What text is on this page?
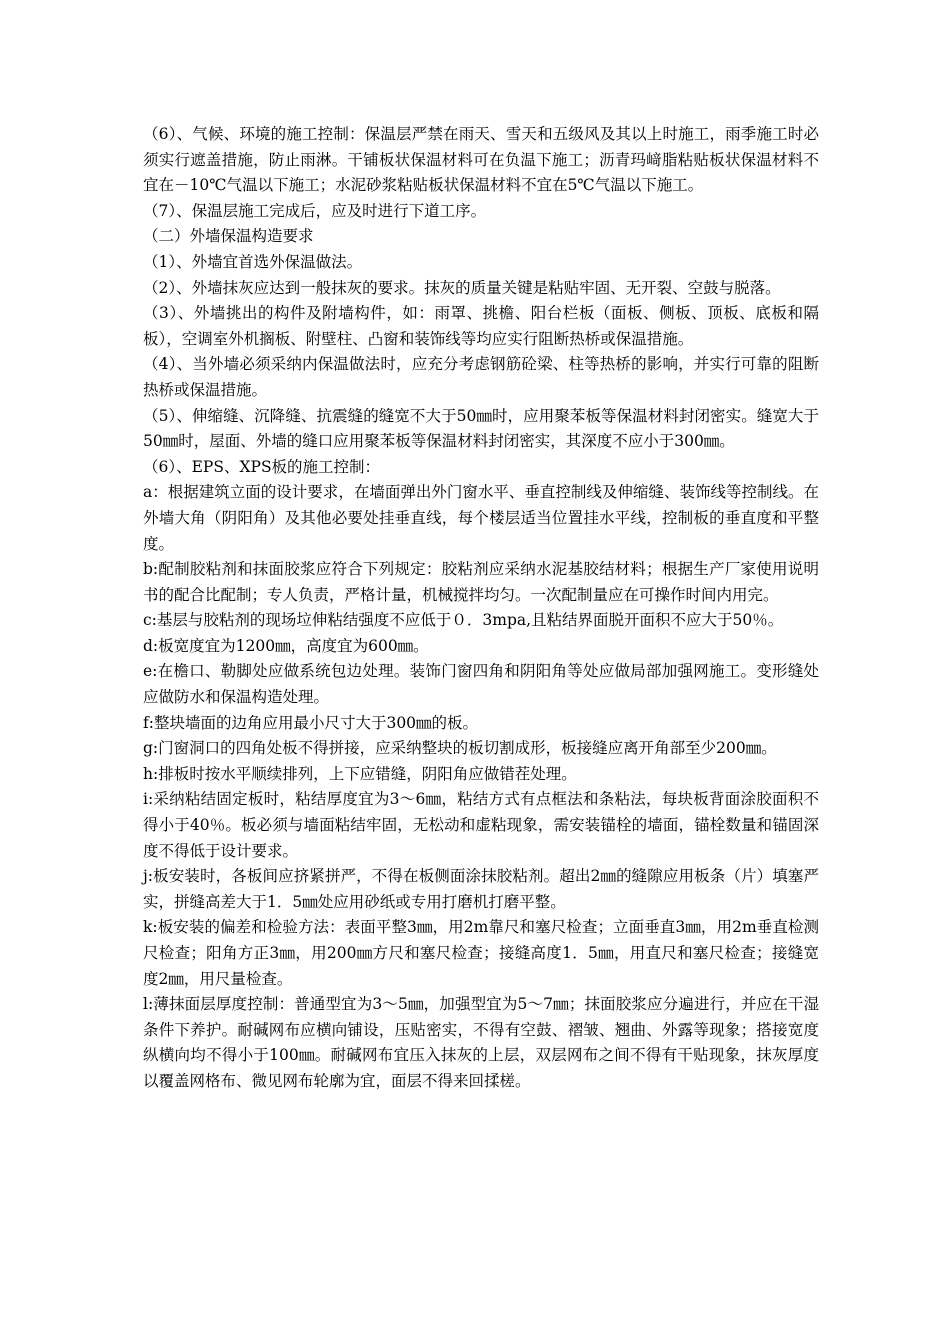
（6）、气候、环境的施工控制：保温层严禁在雨天、雪天和五级风及其以上时施工，雨季施工时必须实行遮盖措施，防止雨淋。干铺板状保温材料可在负温下施工；沥青玛﨑脂粘贴板状保温材料不宜在－10℃气温以下施工；水泥砂浆粘贴板状保温材料不宜在5℃气温以下施工。

（7）、保温层施工完成后，应及时进行下道工序。

（二）外墙保温构造要求

（1）、外墙宜首选外保温做法。

（2）、外墙抹灰应达到一般抹灰的要求。抹灰的质量关键是粘贴牢固、无开裂、空鼓与脱落。

（3）、外墙挑出的构件及附墙构件，如：雨罩、挑檐、阳台栏板（面板、侧板、顶板、底板和隔板），空调室外机搁板、附壁柱、凸窗和装饰线等均应实行阻断热桥或保温措施。

（4）、当外墙必须采纳内保温做法时，应充分考虑钢筋砼梁、柱等热桥的影响，并实行可靠的阻断热桥或保温措施。

（5）、伸缩缝、沉降缝、抗震缝的缝宽不大于50㎜时，应用聚苯板等保温材料封闭密实。缝宽大于50㎜时，屋面、外墙的缝口应用聚苯板等保温材料封闭密实，其深度不应小于300㎜。

（6）、EPS、XPS板的施工控制：

a：根据建筑立面的设计要求，在墙面弹出外门窗水平、垂直控制线及伸缩缝、装饰线等控制线。在外墙大角（阴阳角）及其他必要处挂垂直线，每个楼层适当位置挂水平线，控制板的垂直度和平整度。

b:配制胶粘剂和抹面胶浆应符合下列规定：胶粘剂应采纳水泥基胶结材料；根据生产厂家使用说明书的配合比配制；专人负责，严格计量，机械搅拌均匀。一次配制量应在可操作时间内用完。

c:基层与胶粘剂的现场垃伸粘结强度不应低于０．3mpa,且粘结界面脱开面积不应大于50％。

d:板宽度宜为1200㎜，高度宜为600㎜。

e:在檐口、勒脚处应做系统包边处理。装饰门窗四角和阴阳角等处应做局部加强网施工。变形缝处应做防水和保温构造处理。

f:整块墙面的边角应用最小尺寸大于300㎜的板。

g:门窗洞口的四角处板不得拼接，应采纳整块的板切割成形，板接缝应离开角部至少200㎜。

h:排板时按水平顺续排列，上下应错缝，阴阳角应做错茬处理。

i:采纳粘结固定板时，粘结厚度宜为3～6㎜，粘结方式有点框法和条粘法，每块板背面涂胶面积不得小于40％。板必须与墙面粘结牢固，无松动和虚粘现象，需安装锚栓的墙面，锚栓数量和锚固深度不得低于设计要求。

j:板安装时，各板间应挤紧拼严，不得在板侧面涂抹胶粘剂。超出2㎜的缝隙应用板条（片）填塞严实，拼缝高差大于1．5㎜处应用砂纸或专用打磨机打磨平整。

k:板安装的偏差和检验方法：表面平整3㎜，用2m靠尺和塞尺检查；立面垂直3㎜，用2m垂直检测尺检查；阳角方正3㎜，用200㎜方尺和塞尺检查；接缝高度1．5㎜，用直尺和塞尺检查；接缝宽度2㎜，用尺量检查。

l:薄抹面层厚度控制：普通型宜为3～5㎜，加强型宜为5～7㎜；抹面胶浆应分遍进行，并应在干湿条件下养护。耐碱网布应横向铺设，压贴密实，不得有空鼓、褶皱、翘曲、外露等现象；搭接宽度纵横向均不得小于100㎜。耐碱网布宜压入抹灰的上层，双层网布之间不得有干贴现象，抹灰厚度以覆盖网格布、微见网布轮廓为宜，面层不得来回揉槎。
